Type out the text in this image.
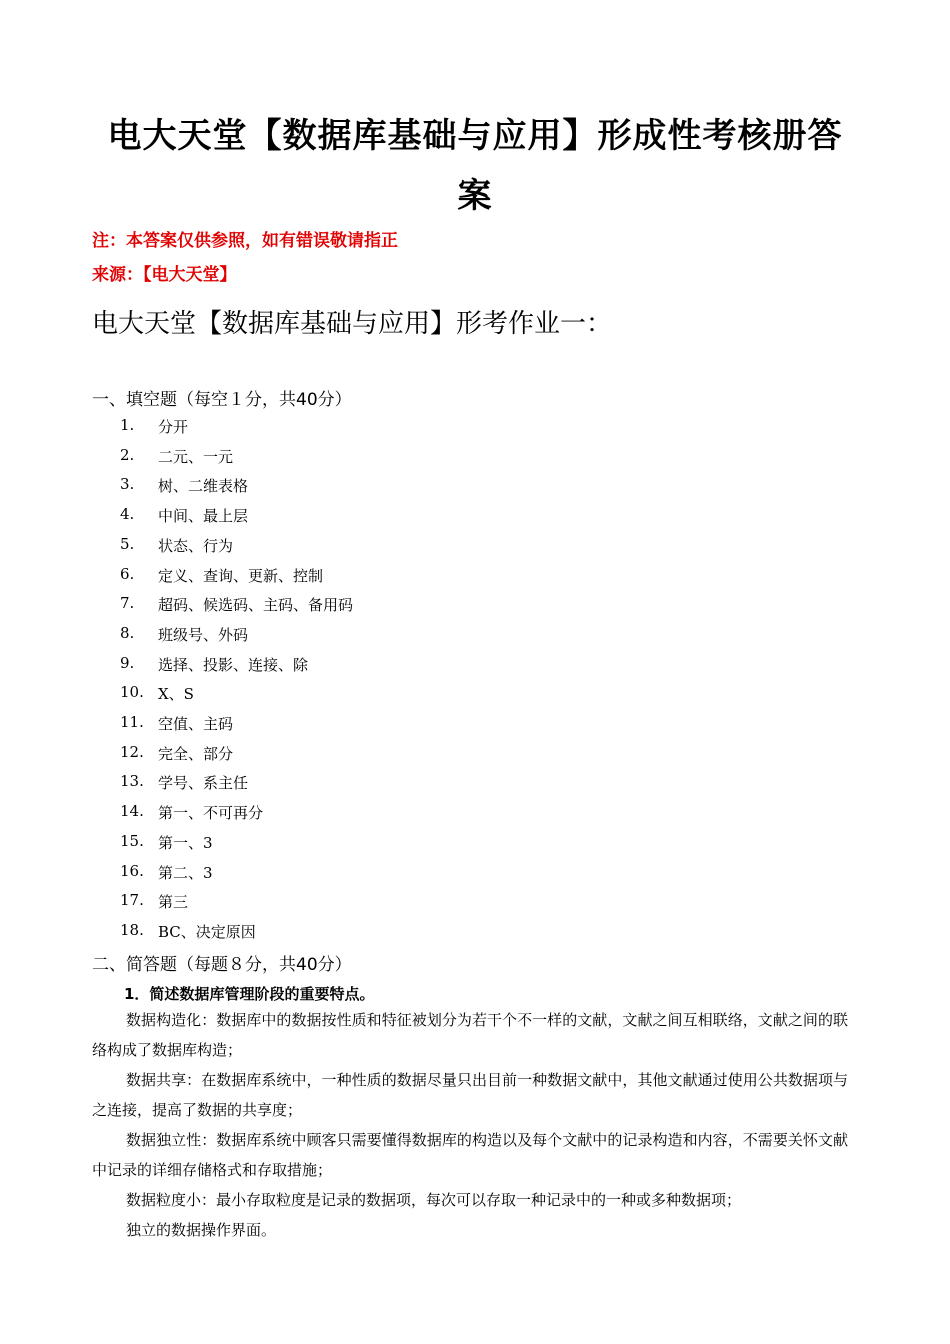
电大天堂【数据库基础与应用】形成性考核册答
案
注：本答案仅供参照，如有错误敬请指正
来源：【电大天堂】
电大天堂【数据库基础与应用】形考作业一：
一、填空题（每空１分，共40分）
1.	分开
2.	二元、一元
3.	树、二维表格
4.	中间、最上层
5.	状态、行为
6.	定义、查询、更新、控制
7.	超码、候选码、主码、备用码
8.	班级号、外码
9.	选择、投影、连接、除
10. X、S
11. 空值、主码
12. 完全、部分
13. 学号、系主任
14. 第一、不可再分
15. 第一、3
16. 第二、3
17. 第三
18. BC、决定原因
二、简答题（每题８分，共40分）
1．简述数据库管理阶段的重要特点。
数据构造化：数据库中的数据按性质和特征被划分为若干个不一样的文献，文献之间互相联络，文献之间的联络构成了数据库构造；
数据共享：在数据库系统中，一种性质的数据尽量只出目前一种数据文献中，其他文献通过使用公共数据项与之连接，提高了数据的共享度；
数据独立性：数据库系统中顾客只需要懂得数据库的构造以及每个文献中的记录构造和内容，不需要关怀文献中记录的详细存储格式和存取措施；
数据粒度小：最小存取粒度是记录的数据项，每次可以存取一种记录中的一种或多种数据项；
独立的数据操作界面。
